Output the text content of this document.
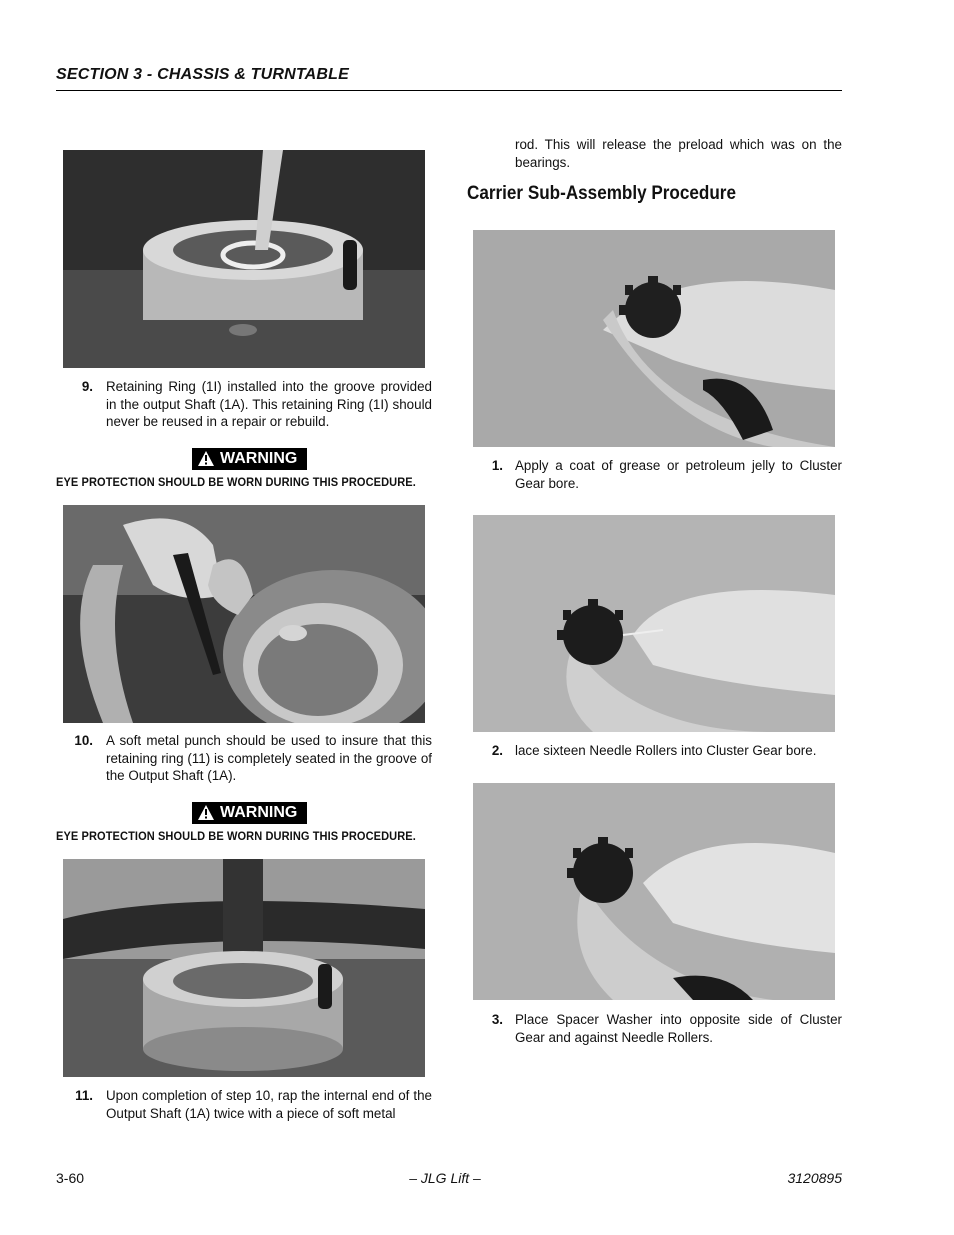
SECTION 3 - CHASSIS & TURNTABLE
9. Retaining Ring (1I) installed into the groove provided in the output Shaft (1A). This retaining Ring (1I) should never be reused in a repair or rebuild.
WARNING
EYE PROTECTION SHOULD BE WORN DURING THIS PROCEDURE.
10. A soft metal punch should be used to insure that this retaining ring (11) is completely seated in the groove of the Output Shaft (1A).
WARNING
EYE PROTECTION SHOULD BE WORN DURING THIS PROCEDURE.
11. Upon completion of step 10, rap the internal end of the Output Shaft (1A) twice with a piece of soft metal
rod. This will release the preload which was on the bearings.
Carrier Sub-Assembly Procedure
1. Apply a coat of grease or petroleum jelly to Cluster Gear bore.
2. lace sixteen Needle Rollers into Cluster Gear bore.
3. Place Spacer Washer into opposite side of Cluster Gear and against Needle Rollers.
3-60	– JLG Lift –	3120895
